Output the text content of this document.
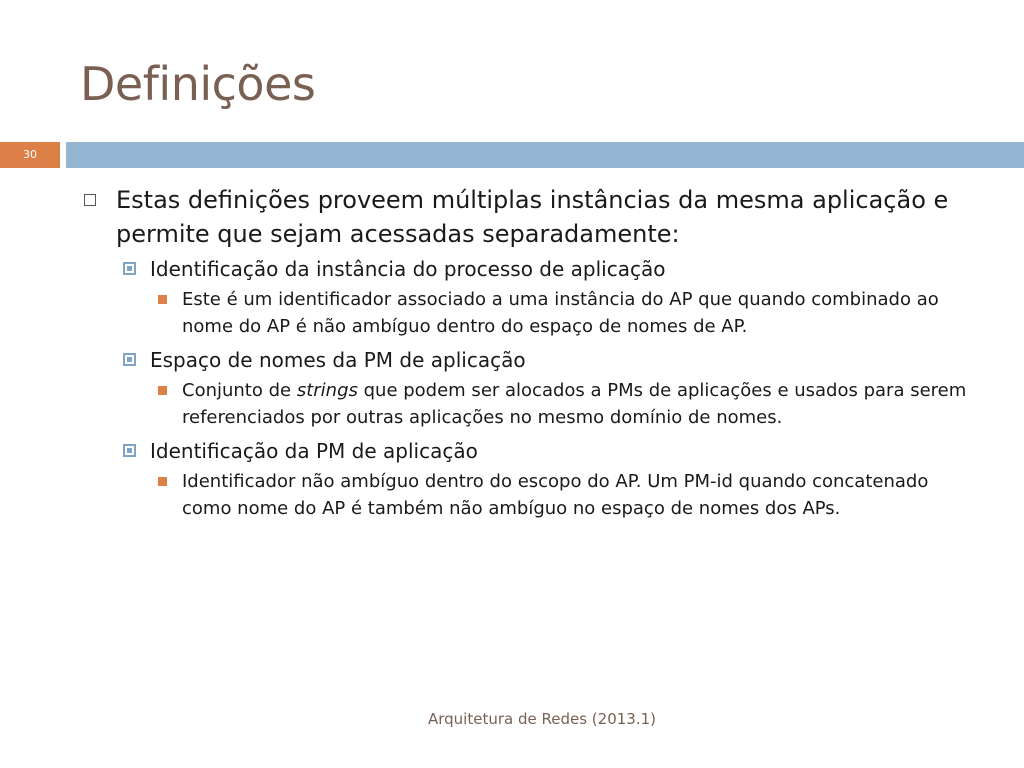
Definições
30
Estas definições proveem múltiplas instâncias da mesma aplicação e permite que sejam acessadas separadamente:
Identificação da instância do processo de aplicação
Este é um identificador associado a uma instância do AP que quando combinado ao nome do AP é não ambíguo dentro do espaço de nomes de AP.
Espaço de nomes da PM de aplicação
Conjunto de strings que podem ser alocados a PMs de aplicações e usados para serem referenciados por outras aplicações no mesmo domínio de nomes.
Identificação da PM de aplicação
Identificador não ambíguo dentro do escopo do AP. Um PM-id quando concatenado como nome do AP é também não ambíguo no espaço de nomes dos APs.
Arquitetura de Redes (2013.1)
